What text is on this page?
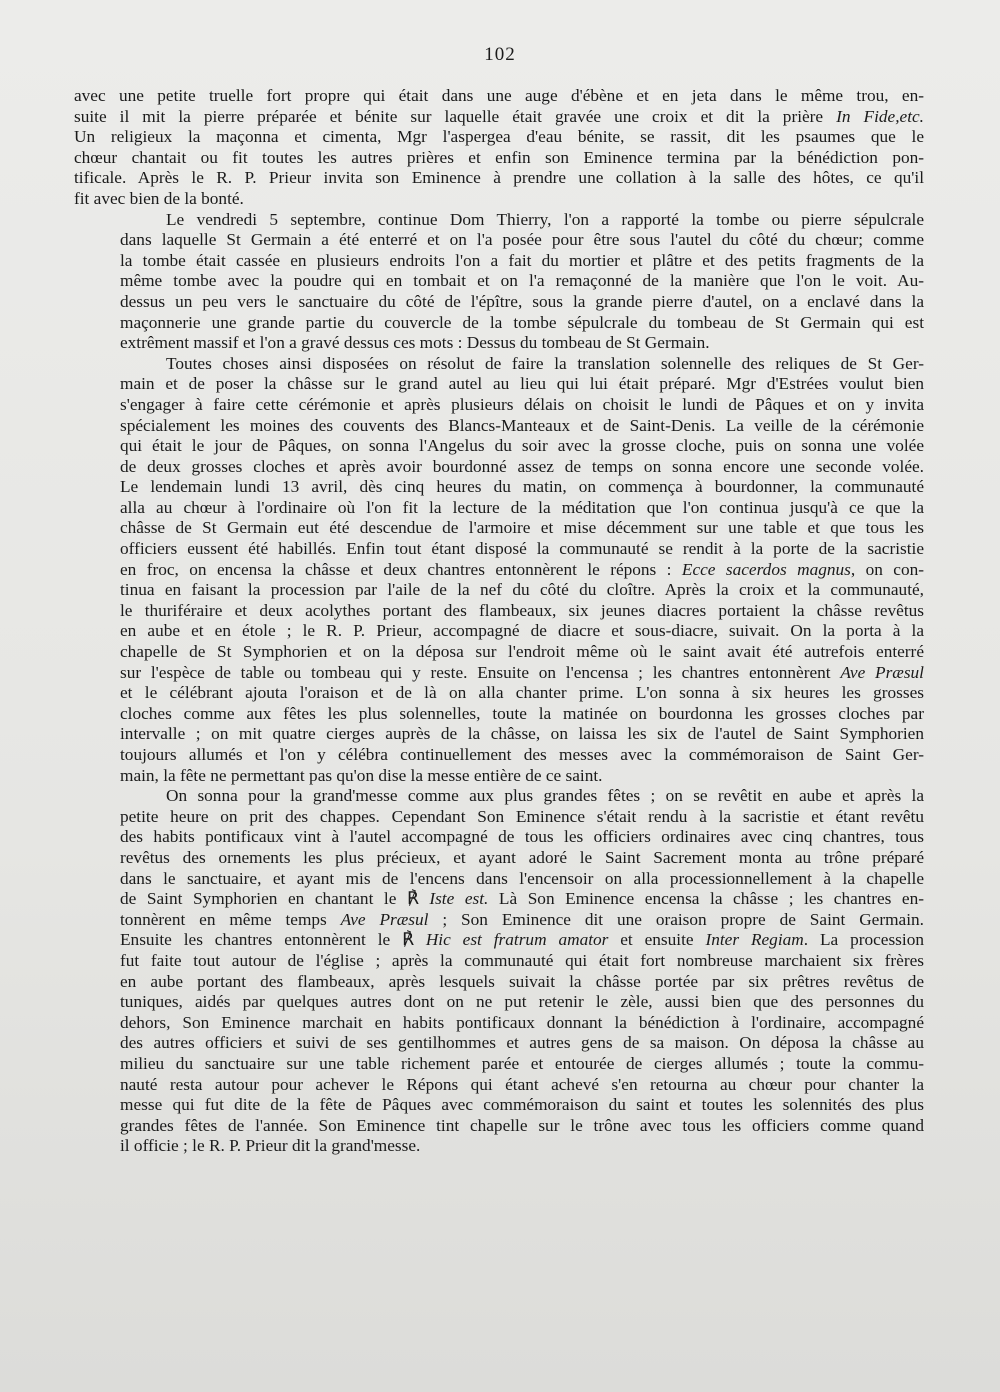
102

avec une petite truelle fort propre qui était dans une auge d'ébène et en jeta dans le même trou, en-
suite il mit la pierre préparée et bénite sur laquelle était gravée une croix et dit la prière In Fide,etc.
Un religieux la maçonna et cimenta, Mgr l'aspergea d'eau bénite, se rassit, dit les psaumes que le
chœur chantait ou fit toutes les autres prières et enfin son Eminence termina par la bénédiction pon-
tificale. Après le R. P. Prieur invita son Eminence à prendre une collation à la salle des hôtes, ce qu'il
fit avec bien de la bonté.

Le vendredi 5 septembre, continue Dom Thierry, l'on a rapporté la tombe ou pierre sépulcrale
dans laquelle St Germain a été enterré et on l'a posée pour être sous l'autel du côté du chœur; comme
la tombe était cassée en plusieurs endroits l'on a fait du mortier et plâtre et des petits fragments de la
même tombe avec la poudre qui en tombait et on l'a remaçonné de la manière que l'on le voit. Au-
dessus un peu vers le sanctuaire du côté de l'épître, sous la grande pierre d'autel, on a enclavé dans la
maçonnerie une grande partie du couvercle de la tombe sépulcrale du tombeau de St Germain qui est
extrêment massif et l'on a gravé dessus ces mots : Dessus du tombeau de St Germain.

Toutes choses ainsi disposées on résolut de faire la translation solennelle des reliques de St Ger-
main et de poser la châsse sur le grand autel au lieu qui lui était préparé. Mgr d'Estrées voulut bien
s'engager à faire cette cérémonie et après plusieurs délais on choisit le lundi de Pâques et on y invita
spécialement les moines des couvents des Blancs-Manteaux et de Saint-Denis. La veille de la cérémonie
qui était le jour de Pâques, on sonna l'Angelus du soir avec la grosse cloche, puis on sonna une volée
de deux grosses cloches et après avoir bourdonné assez de temps on sonna encore une seconde volée.
Le lendemain lundi 13 avril, dès cinq heures du matin, on commença à bourdonner, la communauté
alla au chœur à l'ordinaire où l'on fit la lecture de la méditation que l'on continua jusqu'à ce que la
châsse de St Germain eut été descendue de l'armoire et mise décemment sur une table et que tous les
officiers eussent été habillés. Enfin tout étant disposé la communauté se rendit à la porte de la sacristie
en froc, on encensa la châsse et deux chantres entonnèrent le répons : Ecce sacerdos magnus, on con-
tinua en faisant la procession par l'aile de la nef du côté du cloître. Après la croix et la communauté,
le thuriféraire et deux acolythes portant des flambeaux, six jeunes diacres portaient la châsse revêtus
en aube et en étole ; le R. P. Prieur, accompagné de diacre et sous-diacre, suivait. On la porta à la
chapelle de St Symphorien et on la déposa sur l'endroit même où le saint avait été autrefois enterré
sur l'espèce de table ou tombeau qui y reste. Ensuite on l'encensa ; les chantres entonnèrent Ave Præsul
et le célébrant ajouta l'oraison et de là on alla chanter prime. L'on sonna à six heures les grosses
cloches comme aux fêtes les plus solennelles, toute la matinée on bourdonna les grosses cloches par
intervalle ; on mit quatre cierges auprès de la châsse, on laissa les six de l'autel de Saint Symphorien
toujours allumés et l'on y célébra continuellement des messes avec la commémoraison de Saint Ger-
main, la fête ne permettant pas qu'on dise la messe entière de ce saint.

On sonna pour la grand'messe comme aux plus grandes fêtes ; on se revêtit en aube et après la
petite heure on prit des chappes. Cependant Son Eminence s'était rendu à la sacristie et étant revêtu
des habits pontificaux vint à l'autel accompagné de tous les officiers ordinaires avec cinq chantres, tous
revêtus des ornements les plus précieux, et ayant adoré le Saint Sacrement monta au trône préparé
dans le sanctuaire, et ayant mis de l'encens dans l'encensoir on alla processionnellement à la chapelle
de Saint Symphorien en chantant le ℟ Iste est. Là Son Eminence encensa la châsse ; les chantres en-
tonnèrent en même temps Ave Præsul ; Son Eminence dit une oraison propre de Saint Germain.
Ensuite les chantres entonnèrent le ℟ Hic est fratrum amator et ensuite Inter Regiam. La procession
fut faite tout autour de l'église ; après la communauté qui était fort nombreuse marchaient six frères
en aube portant des flambeaux, après lesquels suivait la châsse portée par six prêtres revêtus de
tuniques, aidés par quelques autres dont on ne put retenir le zèle, aussi bien que des personnes du
dehors, Son Eminence marchait en habits pontificaux donnant la bénédiction à l'ordinaire, accompagné
des autres officiers et suivi de ses gentilhommes et autres gens de sa maison. On déposa la châsse au
milieu du sanctuaire sur une table richement parée et entourée de cierges allumés ; toute la commu-
nauté resta autour pour achever le Répons qui étant achevé s'en retourna au chœur pour chanter la
messe qui fut dite de la fête de Pâques avec commémoraison du saint et toutes les solennités des plus
grandes fêtes de l'année. Son Eminence tint chapelle sur le trône avec tous les officiers comme quand
il officie ; le R. P. Prieur dit la grand'messe.
